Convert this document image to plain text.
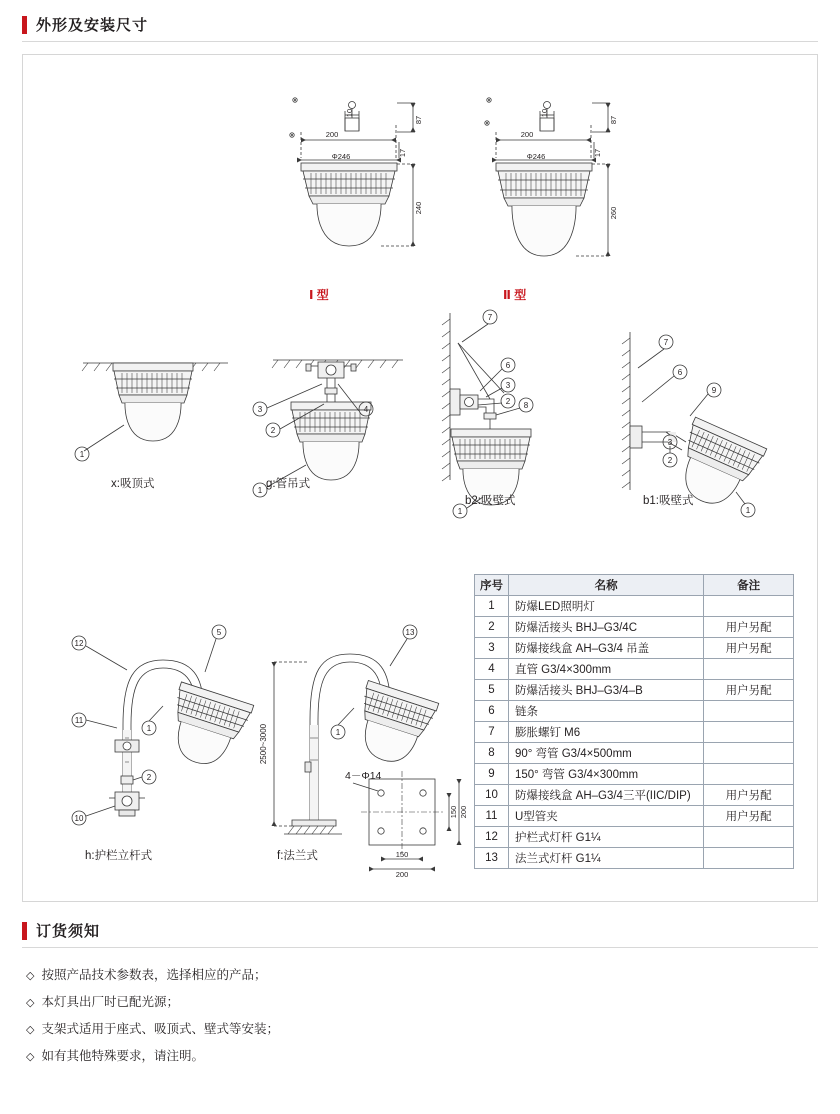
外形及安装尺寸
200
Φ246
10
87
17
240
Ⅰ 型
200
Φ246
10
87
17
260
Ⅱ 型
1
x:吸顶式
3
2
4
1
g:管吊式
7
6
3
2 8
1
b2:吸壁式
7
6
9
3
2
1
b1:吸壁式
12
5
11
1
2
10
h:护栏立杆式
13
1
2500~3000
f:法兰式
150 200
150
200
4－Φ14
序号	名称	备注
1	防爆LED照明灯	
2	防爆活接头 BHJ–G3/4C	用户另配
3	防爆接线盒 AH–G3/4 吊盖	用户另配
4	直管 G3/4×300mm	
5	防爆活接头 BHJ–G3/4–B	用户另配
6	链条	
7	膨胀螺钉 M6	
8	90° 弯管 G3/4×500mm	
9	150° 弯管 G3/4×300mm	
10	防爆接线盒 AH–G3/4三平(IIC/DIP)	用户另配
11	U型管夹	用户另配
12	护栏式灯杆 G1¼	
13	法兰式灯杆 G1¼	
订货须知
◇ 按照产品技术参数表，选择相应的产品；
◇ 本灯具出厂时已配光源；
◇ 支架式适用于座式、吸顶式、壁式等安装；
◇ 如有其他特殊要求，请注明。
